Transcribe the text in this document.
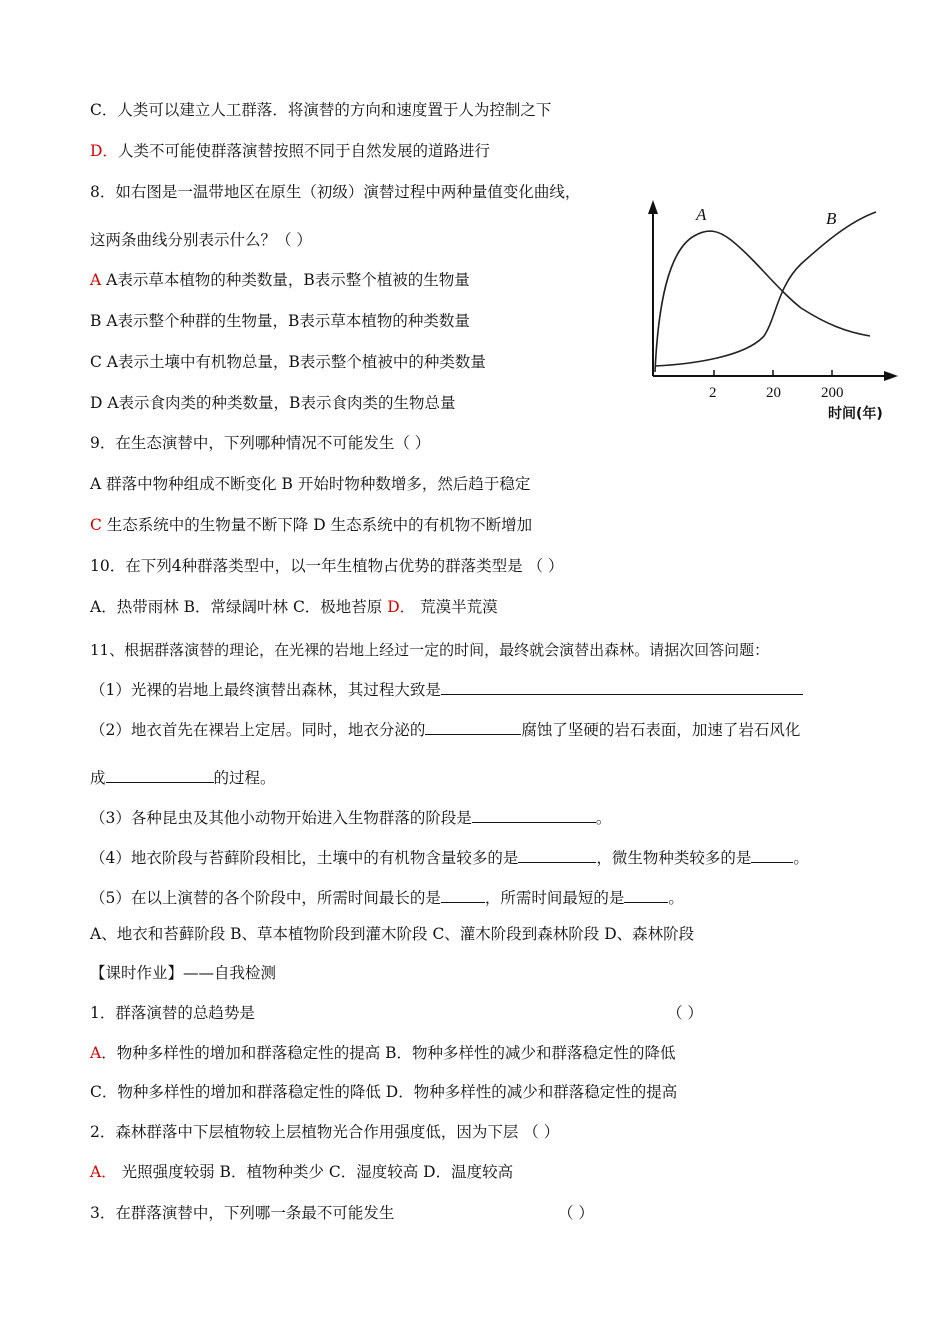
C．人类可以建立人工群落．将演替的方向和速度置于人为控制之下
D．人类不可能使群落演替按照不同于自然发展的道路进行
8．如右图是一温带地区在原生（初级）演替过程中两种量值变化曲线，
这两条曲线分别表示什么？（ ）
A A表示草本植物的种类数量，B表示整个植被的生物量
B A表示整个种群的生物量，B表示草本植物的种类数量
C A表示土壤中有机物总量，B表示整个植被中的种类数量
D A表示食肉类的种类数量，B表示食肉类的生物总量
9．在生态演替中，下列哪种情况不可能发生（ ）
A 群落中物种组成不断变化 B 开始时物种数增多，然后趋于稳定
C 生态系统中的生物量不断下降 D 生态系统中的有机物不断增加
10．在下列4种群落类型中，以一年生植物占优势的群落类型是 （ ）
A．热带雨林 B．常绿阔叶林 C．极地苔原 D． 荒漠半荒漠
11、根据群落演替的理论，在光裸的岩地上经过一定的时间，最终就会演替出森林。请据次回答问题：
（1）光裸的岩地上最终演替出森林，其过程大致是
（2）地衣首先在裸岩上定居。同时，地衣分泌的	腐蚀了坚硬的岩石表面，加速了岩石风化
成	的过程。
（3）各种昆虫及其他小动物开始进入生物群落的阶段是	。
（4）地衣阶段与苔藓阶段相比，土壤中的有机物含量较多的是	，微生物种类较多的是	。
（5）在以上演替的各个阶段中，所需时间最长的是	，所需时间最短的是	。
A、地衣和苔藓阶段 B、草本植物阶段到灌木阶段 C、灌木阶段到森林阶段 D、森林阶段
【课时作业】——自我检测
1．群落演替的总趋势是	（ ）
A．物种多样性的增加和群落稳定性的提高 B．物种多样性的减少和群落稳定性的降低
C．物种多样性的增加和群落稳定性的降低 D．物种多样性的减少和群落稳定性的提高
2．森林群落中下层植物较上层植物光合作用强度低，因为下层 （ ）
A． 光照强度较弱 B．植物种类少 C．湿度较高 D．温度较高
3．在群落演替中，下列哪一条最不可能发生	（ ）
A	B
2	20	200
时间(年)
